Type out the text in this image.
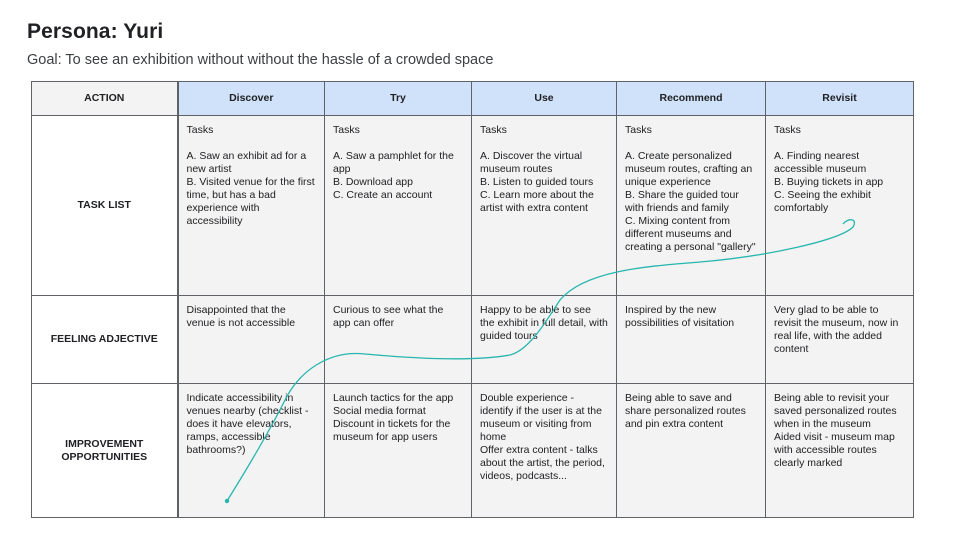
Persona: Yuri
Goal: To see an exhibition without without the hassle of a crowded space
ACTION	Discover	Try	Use	Recommend	Revisit
TASK LIST	Tasks
A. Saw an exhibit ad for a new artist
B. Visited venue for the first time, but has a bad experience with accessibility	Tasks
A. Saw a pamphlet for the app
B. Download app
C. Create an account	Tasks
A. Discover the virtual museum routes
B. Listen to guided tours
C. Learn more about the artist with extra content	Tasks
A. Create personalized museum routes, crafting an unique experience
B. Share the guided tour with friends and family
C. Mixing content from different museums and creating a personal "gallery"	Tasks
A. Finding nearest accessible museum
B. Buying tickets in app
C. Seeing the exhibit comfortably

FEELING ADJECTIVE	Disappointed that the venue is not accessible	Curious to see what the app can offer	Happy to be able to see the exhibit in full detail, with guided tours	Inspired by the new possibilities of visitation	Very glad to be able to revisit the museum, now in real life, with the added content

IMPROVEMENT OPPORTUNITIES	Indicate accessibility in venues nearby (checklist - does it have elevators, ramps, accessible bathrooms?)	Launch tactics for the app
Social media format
Discount in tickets for the museum for app users	Double experience - identify if the user is at the museum or visiting from home
Offer extra content - talks about the artist, the period, videos, podcasts...	Being able to save and share personalized routes and pin extra content	Being able to revisit your saved personalized routes when in the museum
Aided visit - museum map with accessible routes clearly marked
